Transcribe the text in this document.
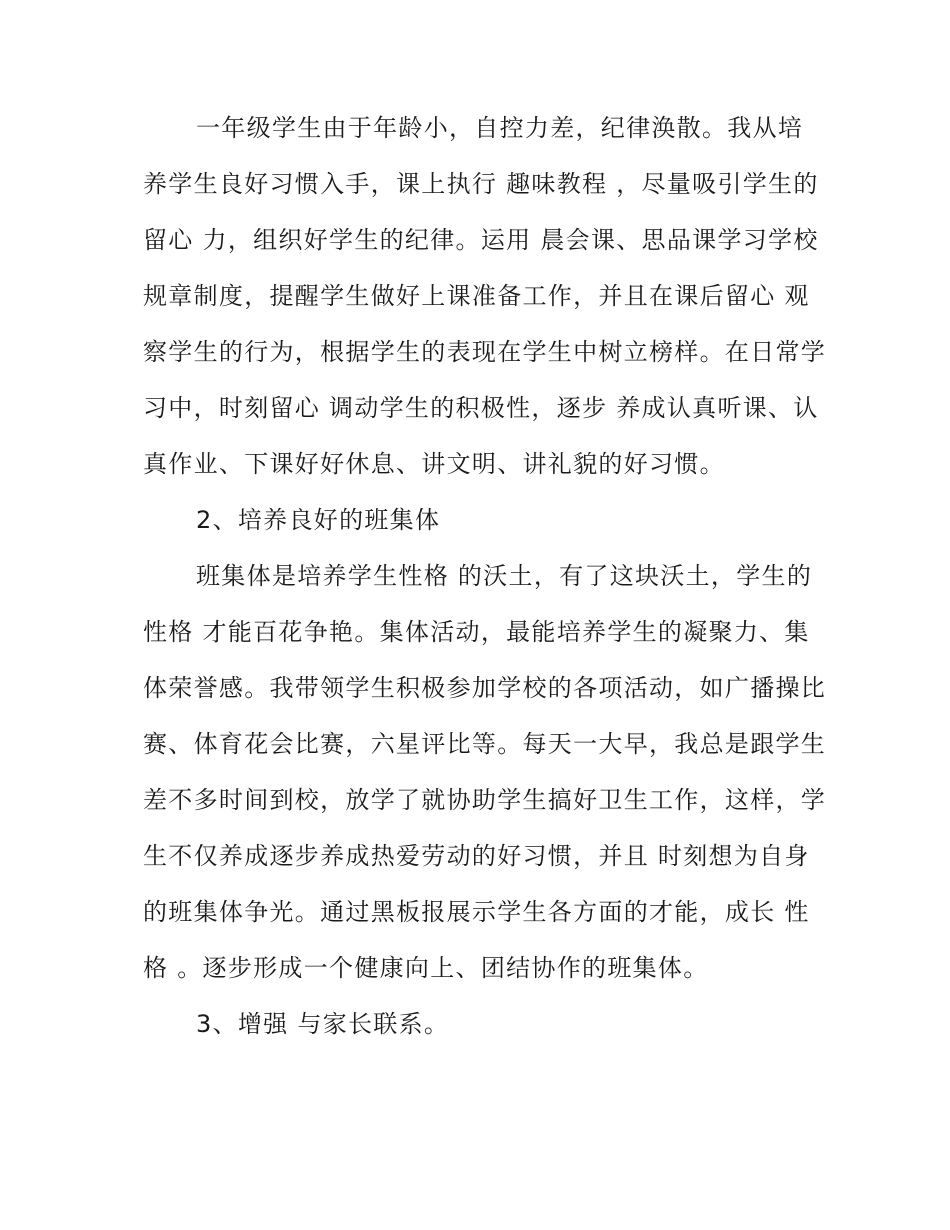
一年级学生由于年龄小，自控力差，纪律涣散。我从培
养学生良好习惯入手，课上执行 趣味教程 ，尽量吸引学生的
留心 力，组织好学生的纪律。运用 晨会课、思品课学习学校
规章制度，提醒学生做好上课准备工作，并且在课后留心 观
察学生的行为，根据学生的表现在学生中树立榜样。在日常学
习中，时刻留心 调动学生的积极性，逐步 养成认真听课、认
真作业、下课好好休息、讲文明、讲礼貌的好习惯。
2、培养良好的班集体
班集体是培养学生性格 的沃土，有了这块沃土，学生的
性格 才能百花争艳。集体活动，最能培养学生的凝聚力、集
体荣誉感。我带领学生积极参加学校的各项活动，如广播操比
赛、体育花会比赛，六星评比等。每天一大早，我总是跟学生
差不多时间到校，放学了就协助学生搞好卫生工作，这样，学
生不仅养成逐步养成热爱劳动的好习惯，并且 时刻想为自身
的班集体争光。通过黑板报展示学生各方面的才能，成长 性
格 。逐步形成一个健康向上、团结协作的班集体。
3、增强 与家长联系。
